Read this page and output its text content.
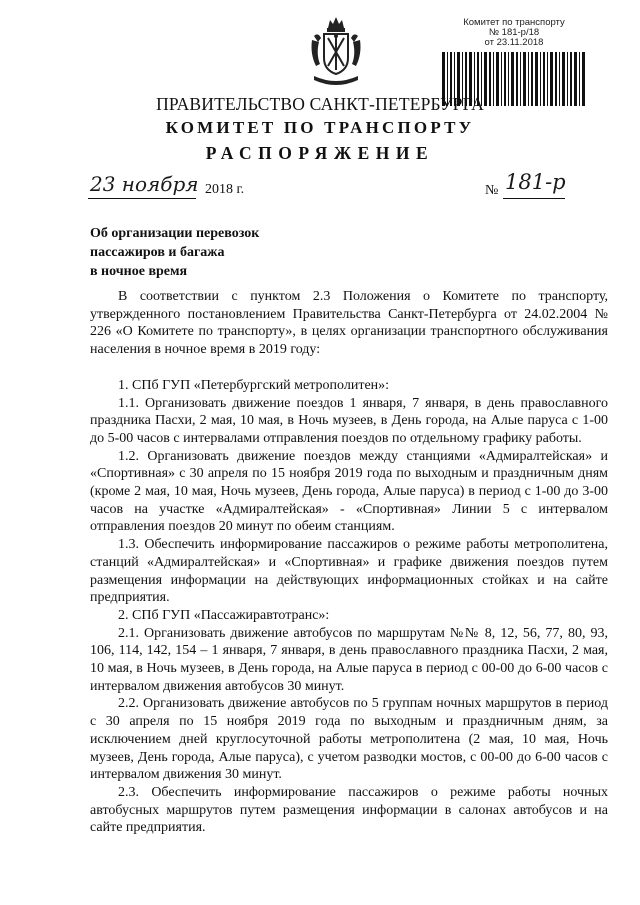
Комитет по транспорту
№ 181-р/18
от 23.11.2018
ПРАВИТЕЛЬСТВО САНКТ-ПЕТЕРБУРГА
КОМИТЕТ ПО ТРАНСПОРТУ
РАСПОРЯЖЕНИЕ
23 ноября 2018 г.	№ 181-р
Об организации перевозок
пассажиров и багажа
в ночное время

В соответствии с пунктом 2.3 Положения о Комитете по транспорту, утвержденного постановлением Правительства Санкт-Петербурга от 24.02.2004 № 226 «О Комитете по транспорту», в целях организации транспортного обслуживания населения в ночное время в 2019 году:

1. СПб ГУП «Петербургский метрополитен»:

1.1. Организовать движение поездов 1 января, 7 января, в день православного праздника Пасхи, 2 мая, 10 мая, в Ночь музеев, в День города, на Алые паруса с 1-00 до 5-00 часов с интервалами отправления поездов по отдельному графику работы.

1.2. Организовать движение поездов между станциями «Адмиралтейская» и «Спортивная» с 30 апреля по 15 ноября 2019 года по выходным и праздничным дням (кроме 2 мая, 10 мая, Ночь музеев, День города, Алые паруса) в период с 1-00 до 3-00 часов на участке «Адмиралтейская» - «Спортивная» Линии 5 с интервалом отправления поездов 20 минут по обеим станциям.

1.3. Обеспечить информирование пассажиров о режиме работы метрополитена, станций «Адмиралтейская» и «Спортивная» и графике движения поездов путем размещения информации на действующих информационных стойках и на сайте предприятия.

2. СПб ГУП «Пассажиравтотранс»:

2.1. Организовать движение автобусов по маршрутам №№ 8, 12, 56, 77, 80, 93, 106, 114, 142, 154 – 1 января, 7 января, в день православного праздника Пасхи, 2 мая, 10 мая, в Ночь музеев, в День города, на Алые паруса в период с 00-00 до 6-00 часов с интервалом движения автобусов 30 минут.

2.2. Организовать движение автобусов по 5 группам ночных маршрутов в период с 30 апреля по 15 ноября 2019 года по выходным и праздничным дням, за исключением дней круглосуточной работы метрополитена (2 мая, 10 мая, Ночь музеев, День города, Алые паруса), с учетом разводки мостов, с 00-00 до 6-00 часов с интервалом движения 30 минут.

2.3. Обеспечить информирование пассажиров о режиме работы ночных автобусных маршрутов путем размещения информации в салонах автобусов и на сайте предприятия.
